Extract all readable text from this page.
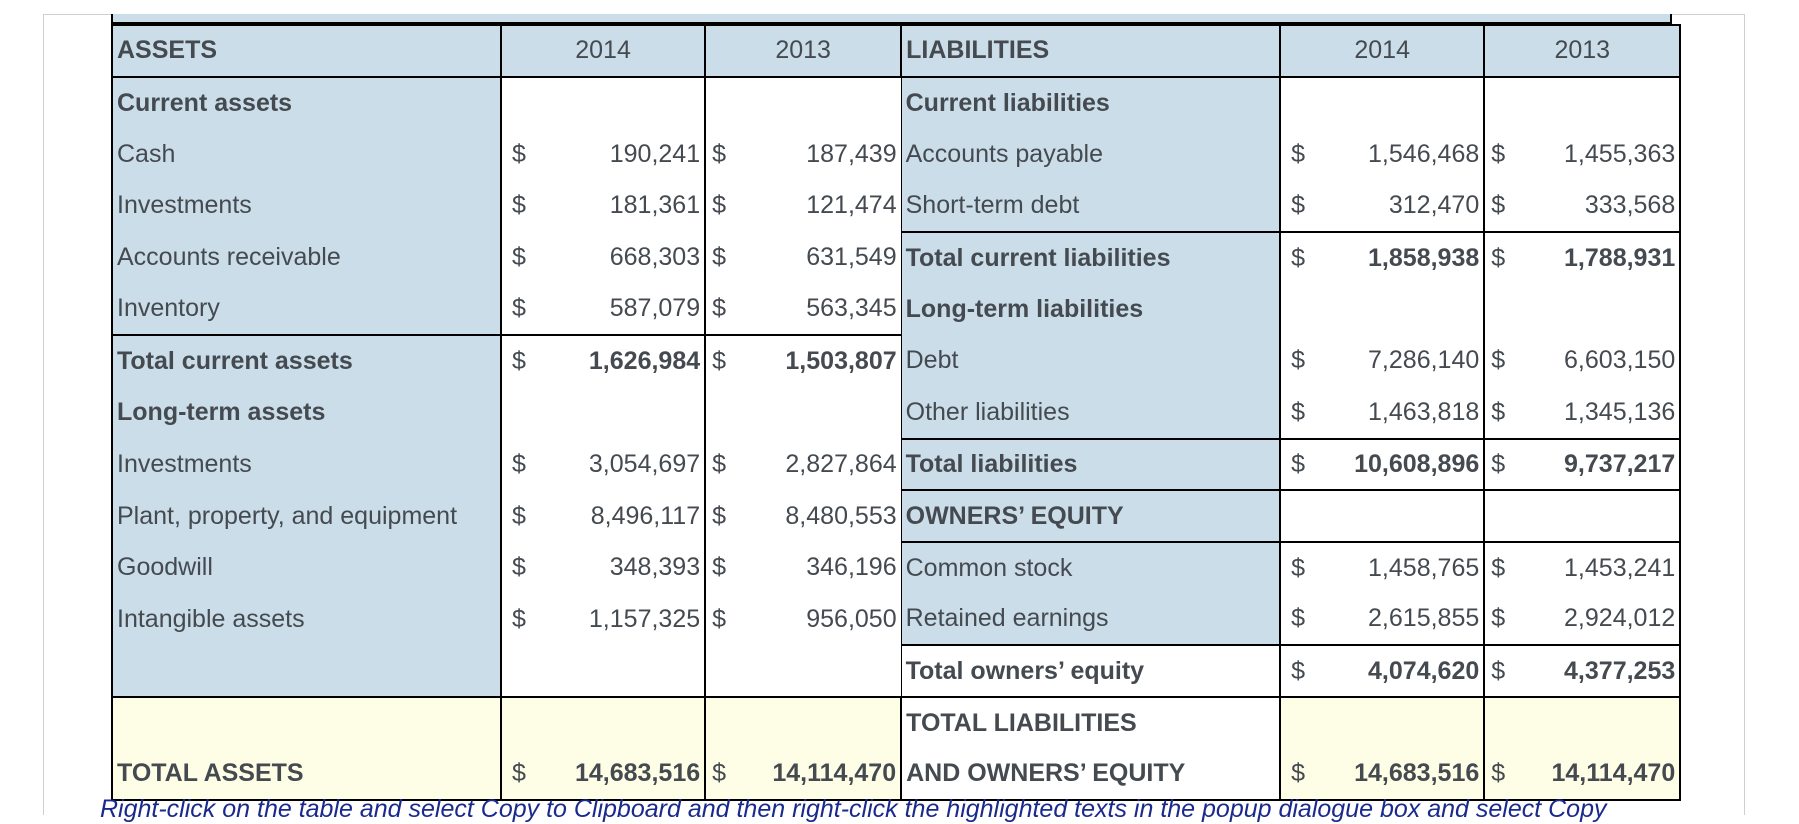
ASSETS	2014		2013		LIABILITIES	2014		2013	
Current assets					Current liabilities				
Cash	$	190,241	$	187,439	Accounts payable	$	1,546,468	$	1,455,363
Investments	$	181,361	$	121,474	Short-term debt	$	312,470	$	333,568
Accounts receivable	$	668,303	$	631,549	Total current liabilities	$	1,858,938	$	1,788,931
Inventory	$	587,079	$	563,345	Long-term liabilities				
Total current assets	$	1,626,984	$	1,503,807	Debt	$	7,286,140	$	6,603,150
Long-term assets					Other liabilities	$	1,463,818	$	1,345,136
Investments	$	3,054,697	$	2,827,864	Total liabilities	$	10,608,896	$	9,737,217
Plant, property, and equipment	$	8,496,117	$	8,480,553	OWNERS’ EQUITY				
Goodwill	$	348,393	$	346,196	Common stock	$	1,458,765	$	1,453,241
Intangible assets	$	1,157,325	$	956,050	Retained earnings	$	2,615,855	$	2,924,012
					Total owners’ equity	$	4,074,620	$	4,377,253
					TOTAL LIABILITIES				
TOTAL ASSETS	$	14,683,516	$	14,114,470	AND OWNERS’ EQUITY	$	14,683,516	$	14,114,470
Right-click on the table and select Copy to Clipboard and then right-click the highlighted texts in the popup dialogue box and select Copy
